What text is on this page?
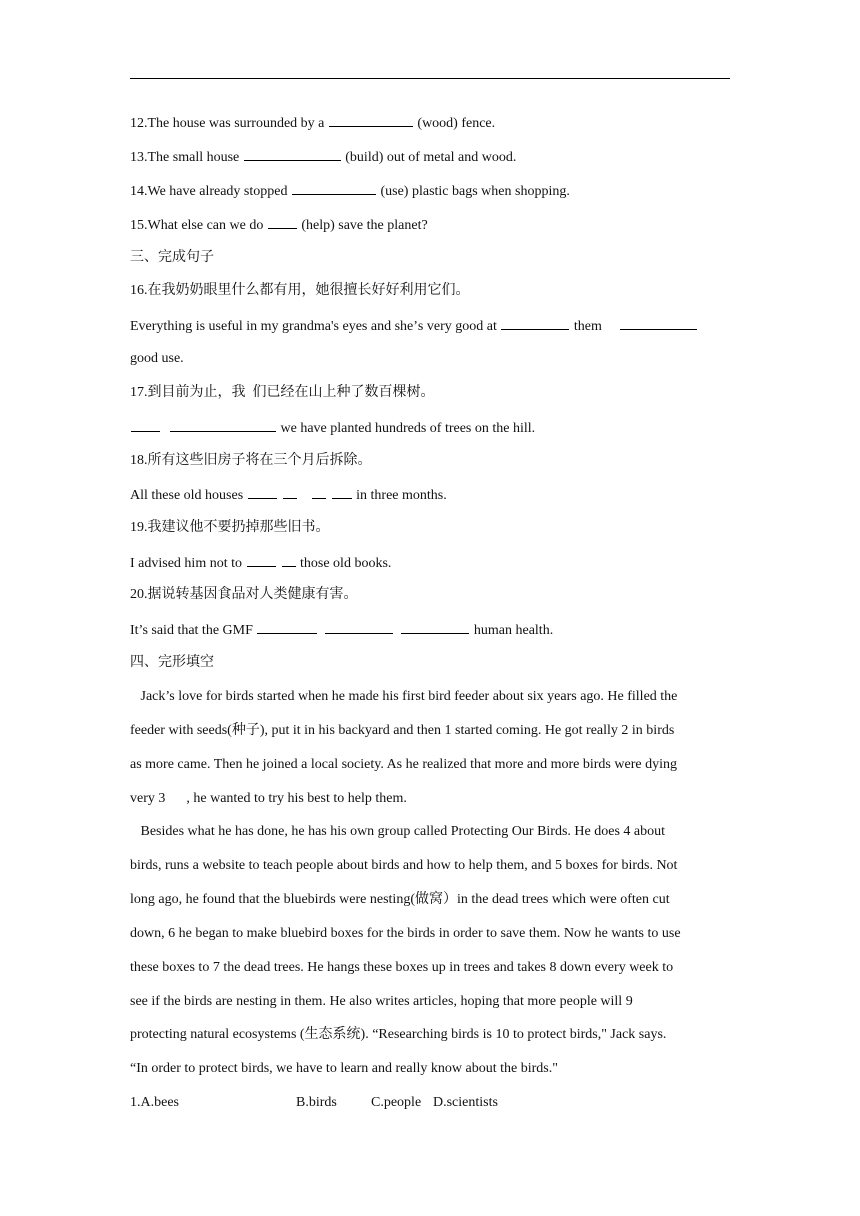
12.The house was surrounded by a	(wood) fence.
13.The small house	(build) out of metal and wood.
14.We have already stopped	(use) plastic bags when shopping.
15.What else can we do  (help) save the planet?
三、完成句子
16.在我奶奶眼里什么都有用，她很擅长好好利用它们。
Everything is useful in my grandma's eyes and sheʼs very good at	them
good use.
17.到目前为止，我  们已经在山上种了数百棵树。
we have planted hundreds of trees on the hill.
18.所有这些旧房子将在三个月后拆除。
All these old houses	in three months.
19.我建议他不要扔掉那些旧书。
I advised him not to	those old books.
20.据说转基因食品对人类健康有害。
It’s said that the GMF	human health.
四、完形填空
Jack’s love for birds started when he made his first bird feeder about six years ago. He filled the
feeder with seeds(种子), put it in his backyard and then 1 started coming. He got really 2 in birds
as more came. Then he joined a local society. As he realized that more and more birds were dying
very 3      , he wanted to try his best to help them.
Besides what he has done, he has his own group called Protecting Our Birds. He does 4 about
birds, runs a website to teach people about birds and how to help them, and 5 boxes for birds. Not
long ago, he found that the bluebirds were nesting(做窝）in the dead trees which were often cut
down, 6 he began to make bluebird boxes for the birds in order to save them. Now he wants to use
these boxes to 7 the dead trees. He hangs these boxes up in trees and takes 8 down every week to
see if the birds are nesting in them. He also writes articles, hoping that more people will 9
protecting natural ecosystems (生态系统). “Researching birds is 10 to protect birds," Jack says.
“In order to protect birds, we have to learn and really know about the birds."
1.A.bees	B.birds C.people D.scientists
